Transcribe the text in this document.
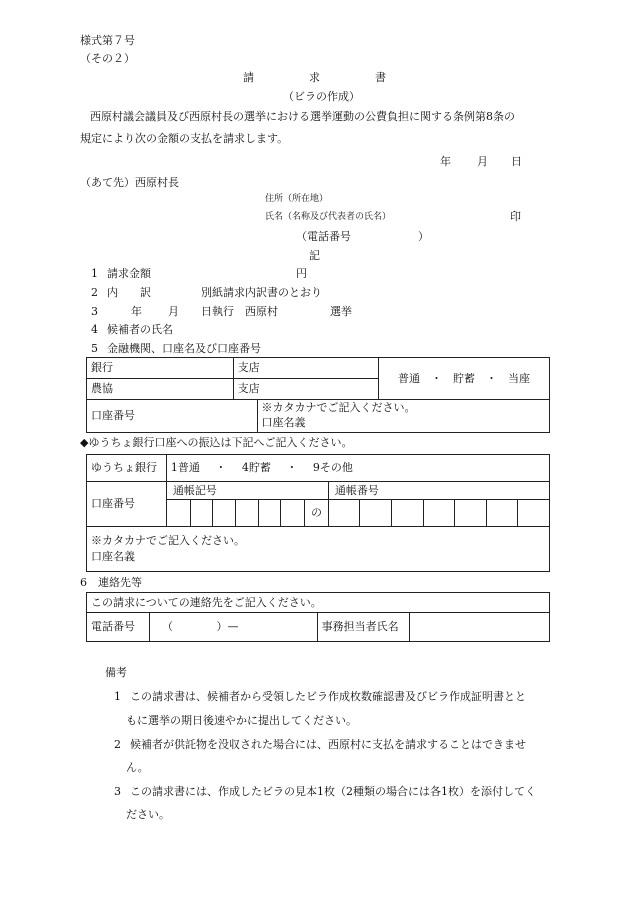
様式第７号
（その２）
請　　　　　求　　　　　書
（ビラの作成）
西原村議会議員及び西原村長の選挙における選挙運動の公費負担に関する条例第8条の
規定により次の金額の支払を請求します。
年 月 日
（あて先）西原村長
住所（所在地）
氏名（名称及び代表者の氏名）	印
（電話番号	）
記
1 請求金額	円
2 内　　訳	別紙請求内訳書のとおり
3	年 月 日執行　西原村	選挙
4 候補者の氏名
5 金融機関、口座名及び口座番号
銀行	支店		普通　・　貯蓄　・　当座
農協	支店		
口座番号		※カタカナでご記入ください。
口座名義	
◆ゆうちょ銀行口座への振込は下記へご記入ください。
ゆうちょ銀行	1普通 ・ 4貯蓄 ・ 9その他													
口座番号	通帳記号							通帳番号						
							の							
※カタカナでご記入ください。
口座名義														
6　連絡先等
この請求についての連絡先をご記入ください。
電話番号	（	）—	事務担当者氏名	
備考
1 この請求書は、候補者から受領したビラ作成枚数確認書及びビラ作成証明書とと
もに選挙の期日後速やかに提出してください。
2 候補者が供託物を没収された場合には、西原村に支払を請求することはできませ
ん。
3 この請求書には、作成したビラの見本1枚（2種類の場合には各1枚）を添付してく
ださい。
